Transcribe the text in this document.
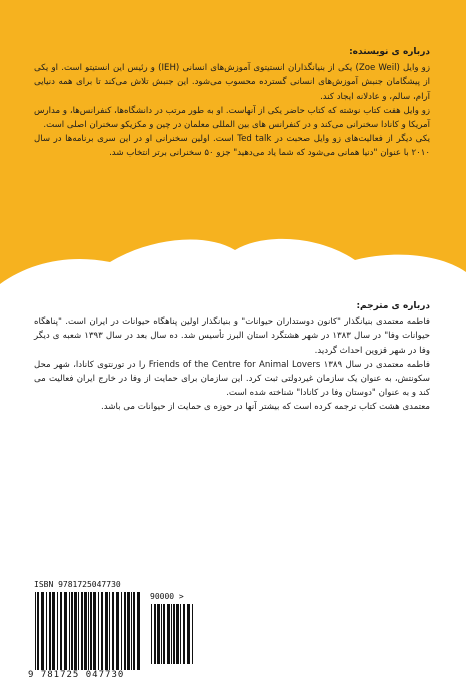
درباره ی نویسنده:

زو وایل (Zoe Weil) یکی از بنیانگذاران انستیتوی آموزش‌های انسانی (IEH) و رئیس این انستیتو است. او یکی از پیشگامان جنبش آموزش‌های انسانی گسترده محسوب می‌شود. این جنبش تلاش می‌کند تا برای همه دنیایی آرام، سالم، و عادلانه ایجاد کند.

زو وایل هفت کتاب نوشته که کتاب حاضر یکی از آنهاست. او به طور مرتب در دانشگاه‌ها، کنفرانس‌ها، و مدارس آمریکا و کانادا سخنرانی می‌کند و در کنفرانس های بین المللی معلمان در چین و مکزیکو سخنران اصلی است.

یکی دیگر از فعالیت‌های زو وایل صحبت در Ted talk است. اولین سخنرانی او در این سری برنامه‌ها در سال ۲۰۱۰ با عنوان "دنیا همانی می‌شود که شما یاد می‌دهید" جزو ۵۰ سخنرانی برتر انتخاب شد.

درباره ی مترجم:

فاطمه معتمدی بنیانگذار "کانون دوستداران حیوانات" و بنیانگذار اولین پناهگاه حیوانات در ایران است. "پناهگاه حیوانات وفا" در سال ۱۳۸۳ در شهر هشتگرد استان البرز تأسیس شد. ده سال بعد در سال ۱۳۹۳ شعبه ی دیگر وفا در شهر قزوین احداث گردید.

فاطمه معتمدی در سال ۱۳۸۹ Friends of the Centre for Animal Lovers را در تورنتوی کانادا، شهر محل سکونتش، به عنوان یک سازمان غیردولتی ثبت کرد. این سازمان برای حمایت از وفا در خارج ایران فعالیت می کند و به عنوان "دوستان وفا در کانادا" شناخته شده است.

معتمدی هشت کتاب ترجمه کرده است که بیشتر آنها در حوزه ی حمایت از حیوانات می باشد.

ISBN 9781725047730
9 781725 047730
90000 >
